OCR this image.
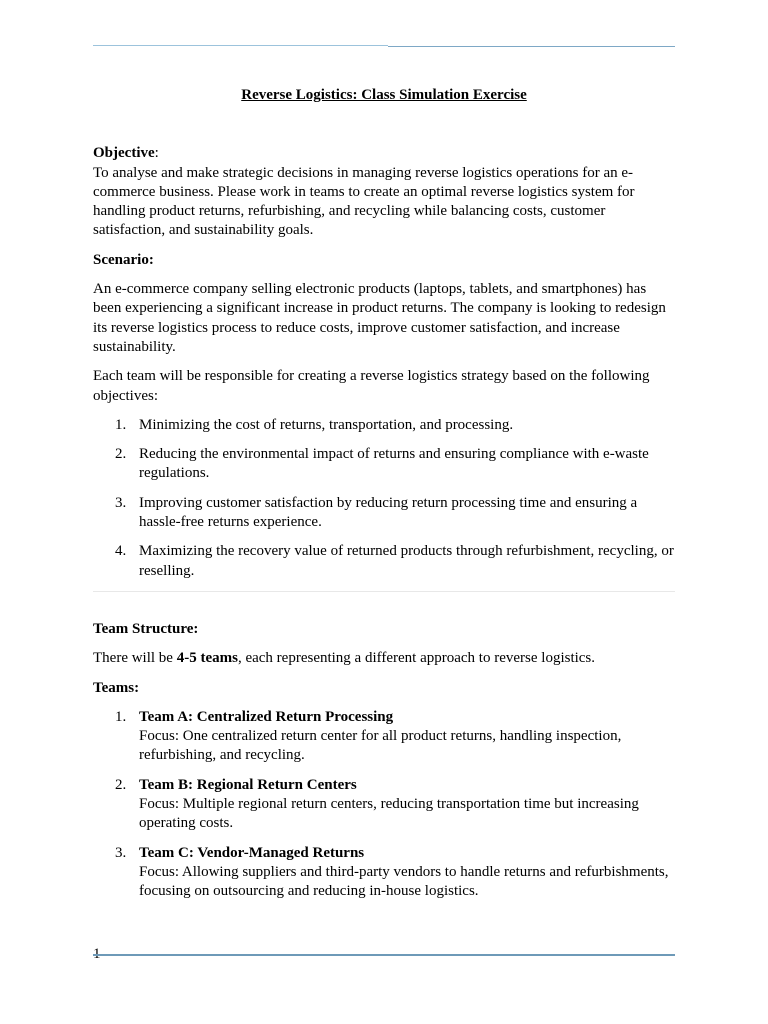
Reverse Logistics: Class Simulation Exercise

Objective:
To analyse and make strategic decisions in managing reverse logistics operations for an e-commerce business. Please work in teams to create an optimal reverse logistics system for handling product returns, refurbishing, and recycling while balancing costs, customer satisfaction, and sustainability goals.

Scenario:

An e-commerce company selling electronic products (laptops, tablets, and smartphones) has been experiencing a significant increase in product returns. The company is looking to redesign its reverse logistics process to reduce costs, improve customer satisfaction, and increase sustainability.

Each team will be responsible for creating a reverse logistics strategy based on the following objectives:

1. Minimizing the cost of returns, transportation, and processing.
2. Reducing the environmental impact of returns and ensuring compliance with e-waste regulations.
3. Improving customer satisfaction by reducing return processing time and ensuring a hassle-free returns experience.
4. Maximizing the recovery value of returned products through refurbishment, recycling, or reselling.

Team Structure:

There will be 4-5 teams, each representing a different approach to reverse logistics.

Teams:

1. Team A: Centralized Return Processing
Focus: One centralized return center for all product returns, handling inspection, refurbishing, and recycling.
2. Team B: Regional Return Centers
Focus: Multiple regional return centers, reducing transportation time but increasing operating costs.
3. Team C: Vendor-Managed Returns
Focus: Allowing suppliers and third-party vendors to handle returns and refurbishments, focusing on outsourcing and reducing in-house logistics.
